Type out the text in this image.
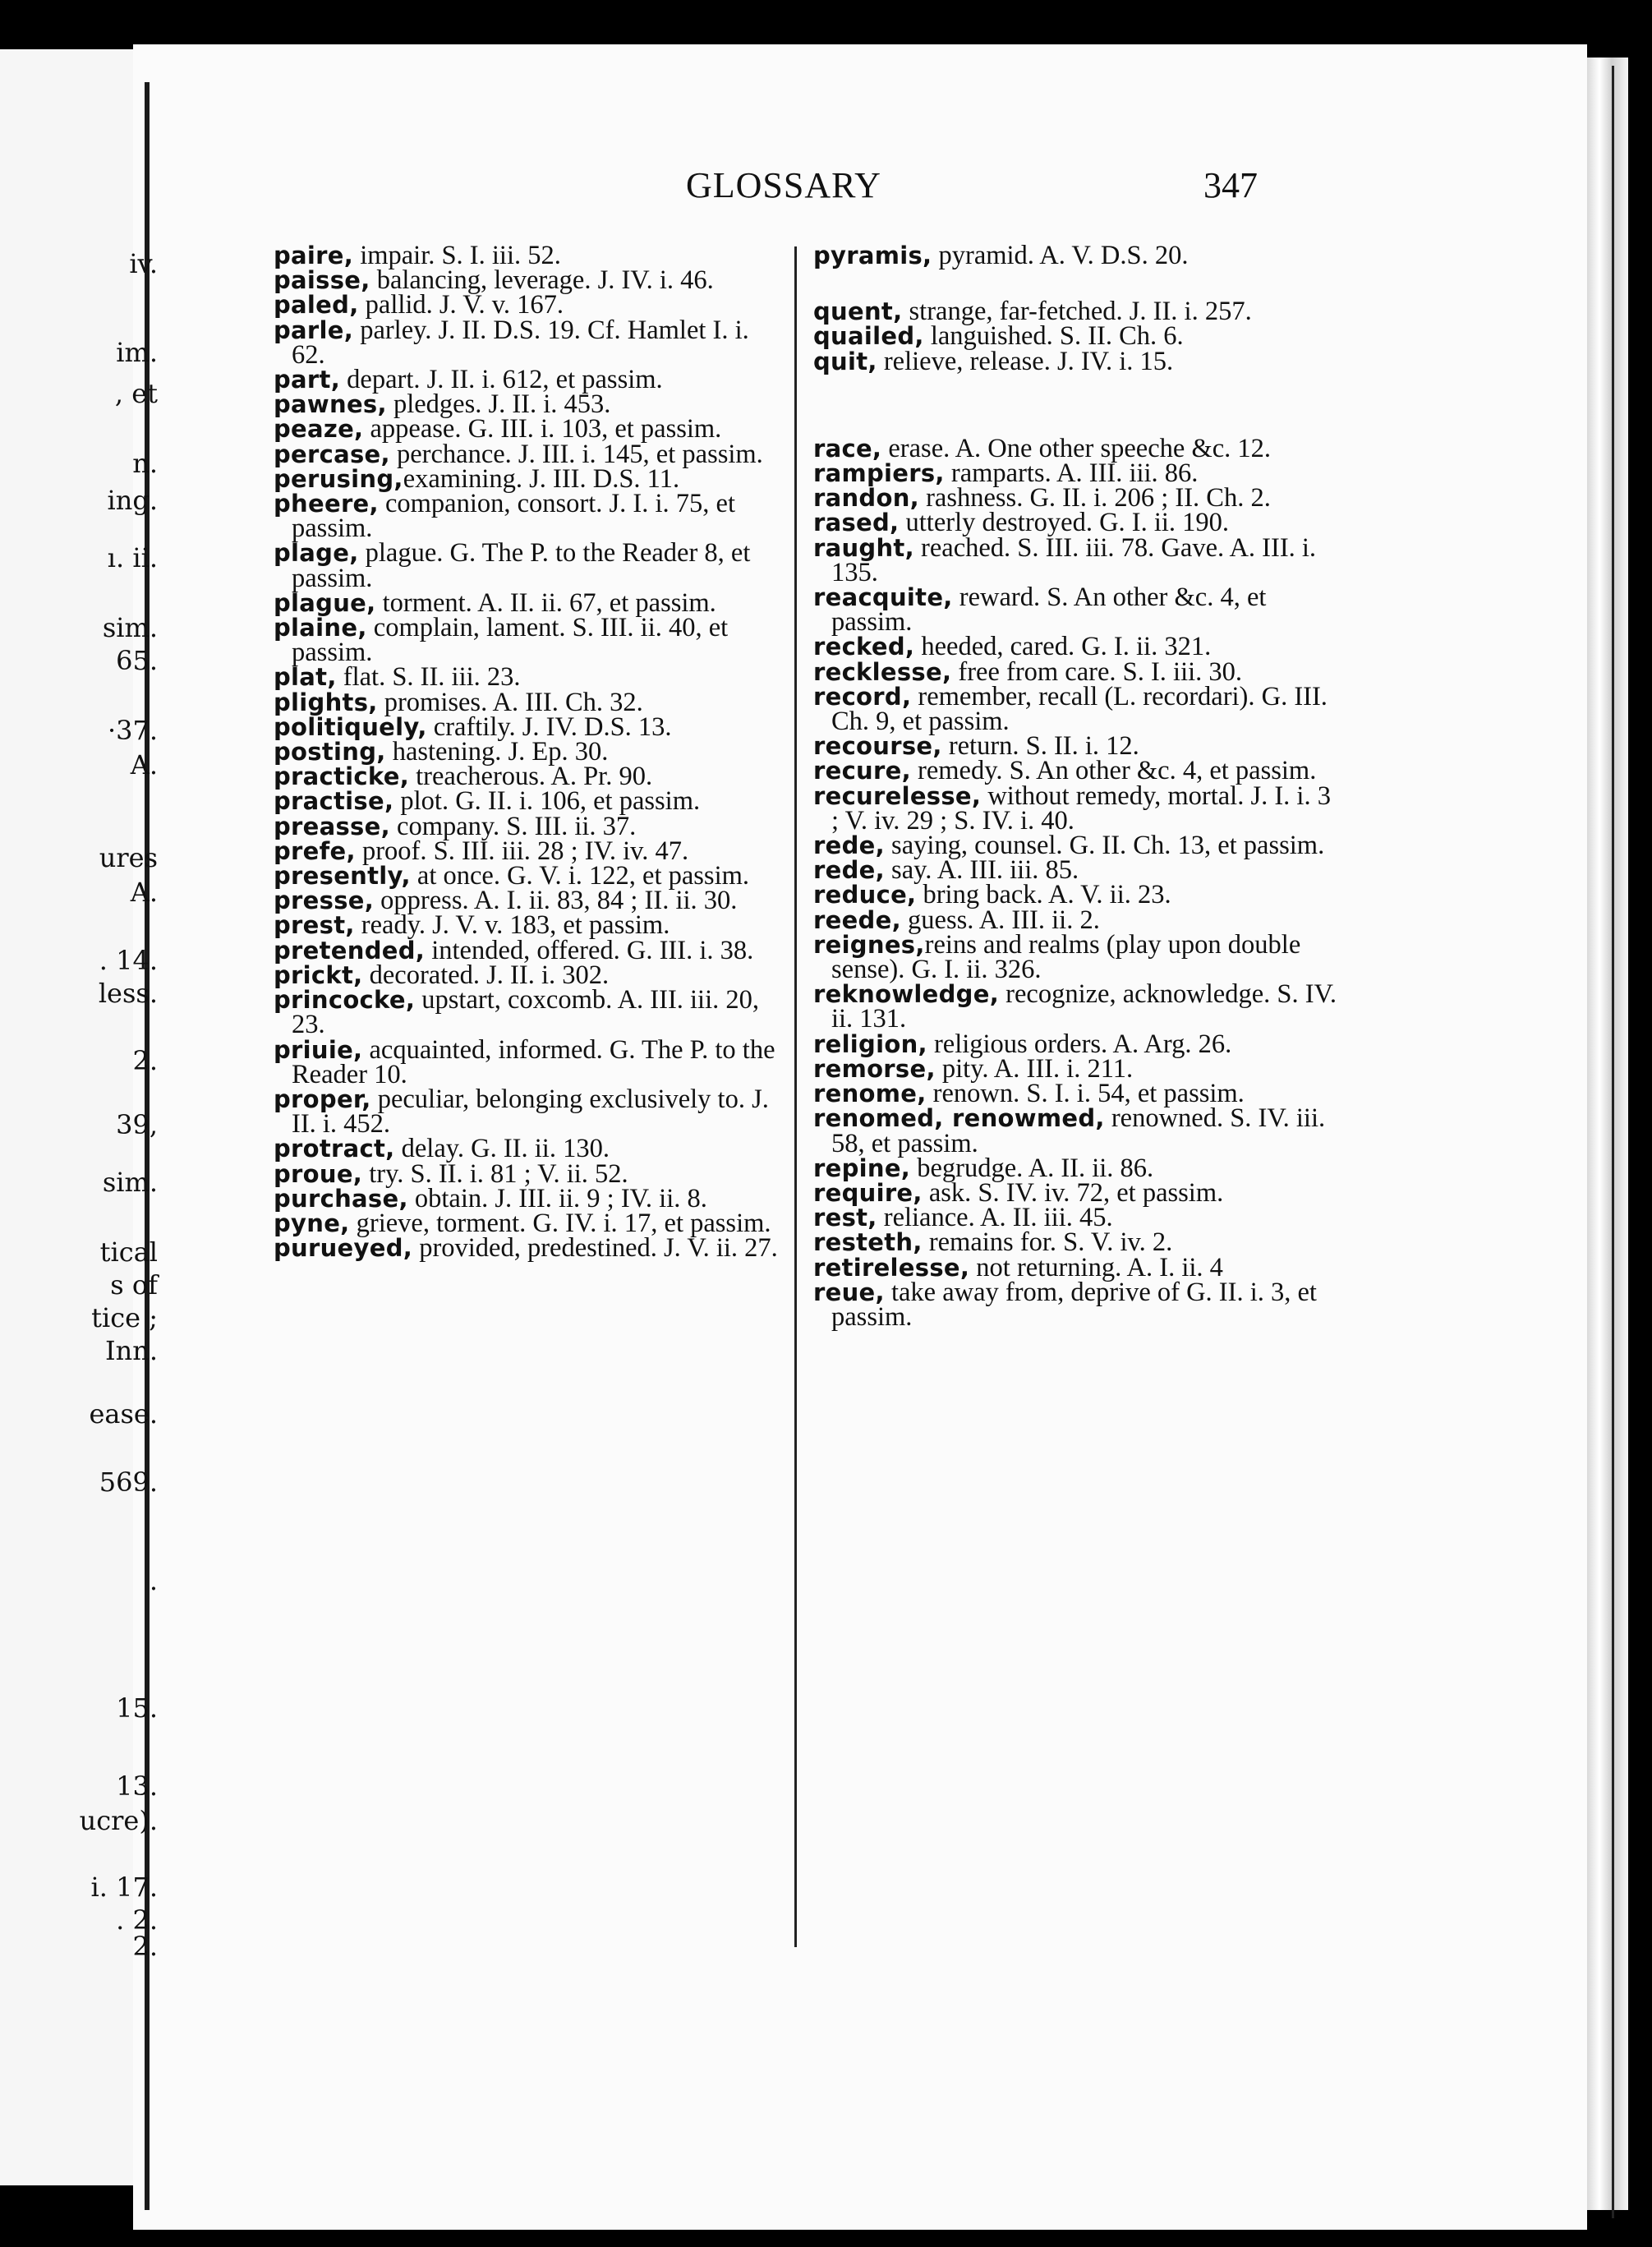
iv.
im.
, et
n.
ing.
ı. ii.
sim.
65.
·37.
A.
ures
A.
. 14.
less.
2.
39,
sim.
tical
s of
tice ;
Inn.
ease.
569.
.
15.
13.
ucre).
i. 17.
. 2.
2.
GLOSSARY	347

paire, impair. S. I. iii. 52.

paisse, balancing, leverage. J. IV. i. 46.

paled, pallid. J. V. v. 167.

parle, parley. J. II. D.S. 19. Cf. Hamlet I. i. 62.

part, depart. J. II. i. 612, et passim.

pawnes, pledges. J. II. i. 453.

peaze, appease. G. III. i. 103, et passim.

percase, perchance. J. III. i. 145, et passim.

perusing,examining. J. III. D.S. 11.

pheere, companion, consort. J. I. i. 75, et passim.

plage, plague. G. The P. to the Reader 8, et passim.

plague, torment. A. II. ii. 67, et passim.

plaine, complain, lament. S. III. ii. 40, et passim.

plat, flat. S. II. iii. 23.

plights, promises. A. III. Ch. 32.

politiquely, craftily. J. IV. D.S. 13.

posting, hastening. J. Ep. 30.

practicke, treacherous. A. Pr. 90.

practise, plot. G. II. i. 106, et passim.

preasse, company. S. III. ii. 37.

prefe, proof. S. III. iii. 28 ; IV. iv. 47.

presently, at once. G. V. i. 122, et passim.

presse, oppress. A. I. ii. 83, 84 ; II. ii. 30.

prest, ready. J. V. v. 183, et passim.

pretended, intended, offered. G. III. i. 38.

prickt, decorated. J. II. i. 302.

princocke, upstart, coxcomb. A. III. iii. 20, 23.

priuie, acquainted, informed. G. The P. to the Reader 10.

proper, peculiar, belonging exclusively to. J. II. i. 452.

protract, delay. G. II. ii. 130.

proue, try. S. II. i. 81 ; V. ii. 52.

purchase, obtain. J. III. ii. 9 ; IV. ii. 8.

pyne, grieve, torment. G. IV. i. 17, et passim.

purueyed, provided, predestined. J. V. ii. 27.

pyramis, pyramid. A. V. D.S. 20.

quent, strange, far-fetched. J. II. i. 257.

quailed, languished. S. II. Ch. 6.

quit, relieve, release. J. IV. i. 15.

race, erase. A. One other speeche &c. 12.

rampiers, ramparts. A. III. iii. 86.

randon, rashness. G. II. i. 206 ; II. Ch. 2.

rased, utterly destroyed. G. I. ii. 190.

raught, reached. S. III. iii. 78. Gave. A. III. i. 135.

reacquite, reward. S. An other &c. 4, et passim.

recked, heeded, cared. G. I. ii. 321.

recklesse, free from care. S. I. iii. 30.

record, remember, recall (L. recordari). G. III. Ch. 9, et passim.

recourse, return. S. II. i. 12.

recure, remedy. S. An other &c. 4, et passim.

recurelesse, without remedy, mortal. J. I. i. 3 ; V. iv. 29 ; S. IV. i. 40.

rede, saying, counsel. G. II. Ch. 13, et passim.

rede, say. A. III. iii. 85.

reduce, bring back. A. V. ii. 23.

reede, guess. A. III. ii. 2.

reignes,reins and realms (play upon double sense). G. I. ii. 326.

reknowledge, recognize, acknowledge. S. IV. ii. 131.

religion, religious orders. A. Arg. 26.

remorse, pity. A. III. i. 211.

renome, renown. S. I. i. 54, et passim.

renomed, renowmed, renowned. S. IV. iii. 58, et passim.

repine, begrudge. A. II. ii. 86.

require, ask. S. IV. iv. 72, et passim.

rest, reliance. A. II. iii. 45.

resteth, remains for. S. V. iv. 2.

retirelesse, not returning. A. I. ii. 4

reue, take away from, deprive of G. II. i. 3, et passim.
